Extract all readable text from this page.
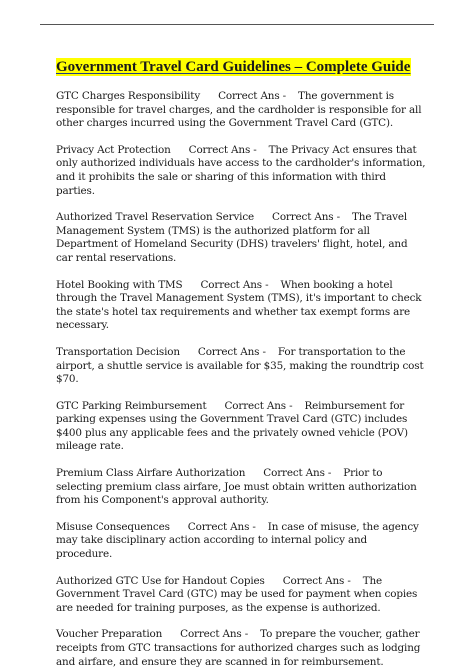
Government Travel Card Guidelines – Complete Guide

GTC Charges Responsibility Correct Ans - The government is responsible for travel charges, and the cardholder is responsible for all other charges incurred using the Government Travel Card (GTC).

Privacy Act Protection Correct Ans - The Privacy Act ensures that only authorized individuals have access to the cardholder's information, and it prohibits the sale or sharing of this information with third parties.

Authorized Travel Reservation Service Correct Ans - The Travel Management System (TMS) is the authorized platform for all Department of Homeland Security (DHS) travelers' flight, hotel, and car rental reservations.

Hotel Booking with TMS Correct Ans - When booking a hotel through the Travel Management System (TMS), it's important to check the state's hotel tax requirements and whether tax exempt forms are necessary.

Transportation Decision Correct Ans - For transportation to the airport, a shuttle service is available for $35, making the roundtrip cost $70.

GTC Parking Reimbursement Correct Ans - Reimbursement for parking expenses using the Government Travel Card (GTC) includes $400 plus any applicable fees and the privately owned vehicle (POV) mileage rate.

Premium Class Airfare Authorization Correct Ans - Prior to selecting premium class airfare, Joe must obtain written authorization from his Component's approval authority.

Misuse Consequences Correct Ans - In case of misuse, the agency may take disciplinary action according to internal policy and procedure.

Authorized GTC Use for Handout Copies Correct Ans - The Government Travel Card (GTC) may be used for payment when copies are needed for training purposes, as the expense is authorized.

Voucher Preparation Correct Ans - To prepare the voucher, gather receipts from GTC transactions for authorized charges such as lodging and airfare, and ensure they are scanned in for reimbursement.
